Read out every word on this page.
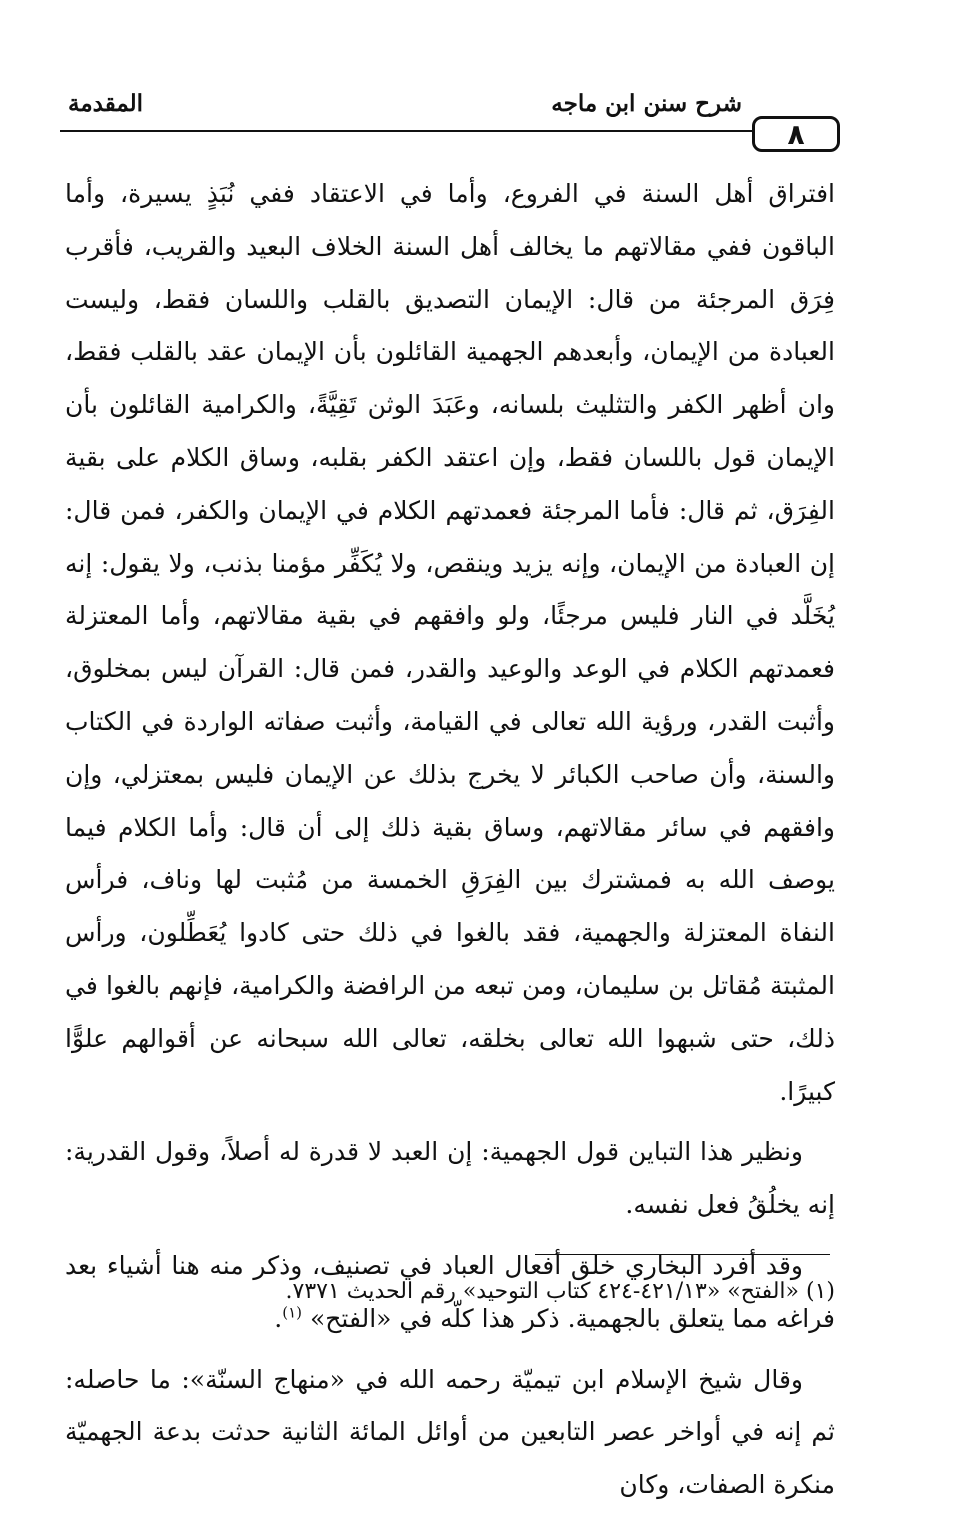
٨
شرح سنن ابن ماجه
المقدمة

افتراق أهل السنة في الفروع، وأما في الاعتقاد ففي نُبَذٍ يسيرة، وأما الباقون ففي مقالاتهم ما يخالف أهل السنة الخلاف البعيد والقريب، فأقرب فِرَق المرجئة من قال: الإيمان التصديق بالقلب واللسان فقط، وليست العبادة من الإيمان، وأبعدهم الجهمية القائلون بأن الإيمان عقد بالقلب فقط، وان أظهر الكفر والتثليث بلسانه، وعَبَدَ الوثن تَقِيَّةً، والكرامية القائلون بأن الإيمان قول باللسان فقط، وإن اعتقد الكفر بقلبه، وساق الكلام على بقية الفِرَق، ثم قال: فأما المرجئة فعمدتهم الكلام في الإيمان والكفر، فمن قال: إن العبادة من الإيمان، وإنه يزيد وينقص، ولا يُكَفِّر مؤمنا بذنب، ولا يقول: إنه يُخَلَّد في النار فليس مرجئًا، ولو وافقهم في بقية مقالاتهم، وأما المعتزلة فعمدتهم الكلام في الوعد والوعيد والقدر، فمن قال: القرآن ليس بمخلوق، وأثبت القدر، ورؤية الله تعالى في القيامة، وأثبت صفاته الواردة في الكتاب والسنة، وأن صاحب الكبائر لا يخرج بذلك عن الإيمان فليس بمعتزلي، وإن وافقهم في سائر مقالاتهم، وساق بقية ذلك إلى أن قال: وأما الكلام فيما يوصف الله به فمشترك بين الفِرَقِ الخمسة من مُثبت لها وناف، فرأس النفاة المعتزلة والجهمية، فقد بالغوا في ذلك حتى كادوا يُعَطِّلون، ورأس المثبتة مُقاتل بن سليمان، ومن تبعه من الرافضة والكرامية، فإنهم بالغوا في ذلك، حتى شبهوا الله تعالى بخلقه، تعالى الله سبحانه عن أقوالهم علوًّا كبيرًا.

ونظير هذا التباين قول الجهمية: إن العبد لا قدرة له أصلاً، وقول القدرية: إنه يخلُقُ فعل نفسه.

وقد أفرد البخاري خلق أفعال العباد في تصنيف، وذكر منه هنا أشياء بعد فراغه مما يتعلق بالجهمية. ذكر هذا كلّه في «الفتح» $^{(١)}$.

وقال شيخ الإسلام ابن تيميّة رحمه الله في «منهاج السنّة»: ما حاصله: ثم إنه في أواخر عصر التابعين من أوائل المائة الثانية حدثت بدعة الجهميّة منكرة الصفات، وكان

(١) «الفتح» «٤٢١/١٣-٤٢٤ كتاب التوحيد» رقم الحديث ٧٣٧١.
